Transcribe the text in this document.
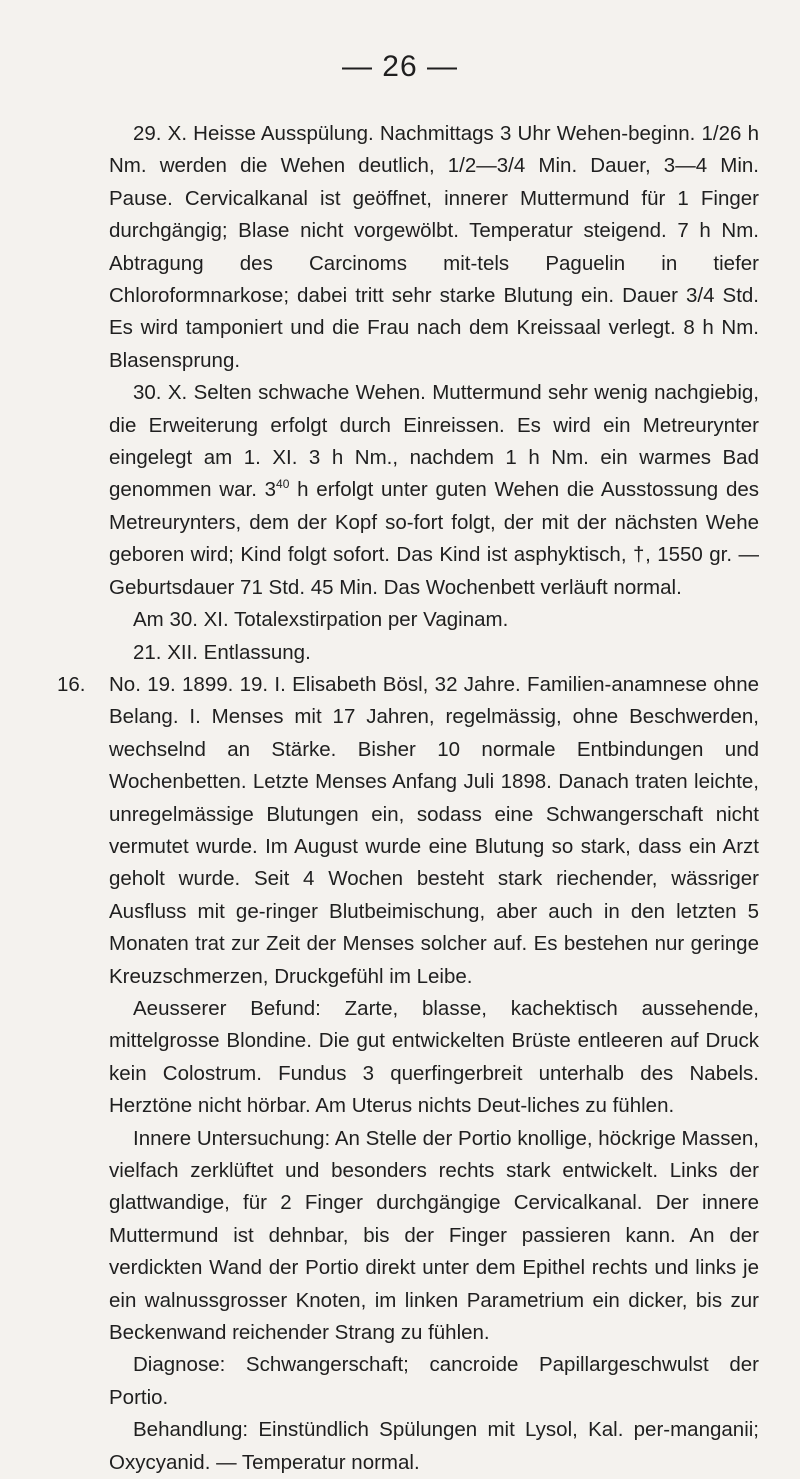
— 26 —

29. X. Heisse Ausspülung. Nachmittags 3 Uhr Wehen-beginn. 1/26 h Nm. werden die Wehen deutlich, 1/2—3/4 Min. Dauer, 3—4 Min. Pause. Cervicalkanal ist geöffnet, innerer Muttermund für 1 Finger durchgängig; Blase nicht vorgewölbt. Temperatur steigend. 7 h Nm. Abtragung des Carcinoms mit-tels Paguelin in tiefer Chloroformnarkose; dabei tritt sehr starke Blutung ein. Dauer 3/4 Std. Es wird tamponiert und die Frau nach dem Kreissaal verlegt. 8 h Nm. Blasensprung.

30. X. Selten schwache Wehen. Muttermund sehr wenig nachgiebig, die Erweiterung erfolgt durch Einreissen. Es wird ein Metreurynter eingelegt am 1. XI. 3 h Nm., nachdem 1 h Nm. ein warmes Bad genommen war. $3^{40}$ h erfolgt unter guten Wehen die Ausstossung des Metreurynters, dem der Kopf so-fort folgt, der mit der nächsten Wehe geboren wird; Kind folgt sofort. Das Kind ist asphyktisch, †, 1550 gr. — Geburtsdauer 71 Std. 45 Min. Das Wochenbett verläuft normal.

Am 30. XI. Totalexstirpation per Vaginam.

21. XII. Entlassung.

16. No. 19. 1899. 19. I. Elisabeth Bösl, 32 Jahre. Familien-anamnese ohne Belang. I. Menses mit 17 Jahren, regelmässig, ohne Beschwerden, wechselnd an Stärke. Bisher 10 normale Entbindungen und Wochenbetten. Letzte Menses Anfang Juli 1898. Danach traten leichte, unregelmässige Blutungen ein, sodass eine Schwangerschaft nicht vermutet wurde. Im August wurde eine Blutung so stark, dass ein Arzt geholt wurde. Seit 4 Wochen besteht stark riechender, wässriger Ausfluss mit ge-ringer Blutbeimischung, aber auch in den letzten 5 Monaten trat zur Zeit der Menses solcher auf. Es bestehen nur geringe Kreuzschmerzen, Druckgefühl im Leibe.

Aeusserer Befund: Zarte, blasse, kachektisch aussehende, mittelgrosse Blondine. Die gut entwickelten Brüste entleeren auf Druck kein Colostrum. Fundus 3 querfingerbreit unterhalb des Nabels. Herztöne nicht hörbar. Am Uterus nichts Deut-liches zu fühlen.

Innere Untersuchung: An Stelle der Portio knollige, höckrige Massen, vielfach zerklüftet und besonders rechts stark entwickelt. Links der glattwandige, für 2 Finger durchgängige Cervicalkanal. Der innere Muttermund ist dehnbar, bis der Finger passieren kann. An der verdickten Wand der Portio direkt unter dem Epithel rechts und links je ein walnussgrosser Knoten, im linken Parametrium ein dicker, bis zur Beckenwand reichender Strang zu fühlen.

Diagnose: Schwangerschaft; cancroide Papillargeschwulst der Portio.

Behandlung: Einstündlich Spülungen mit Lysol, Kal. per-manganii; Oxycyanid. — Temperatur normal.
